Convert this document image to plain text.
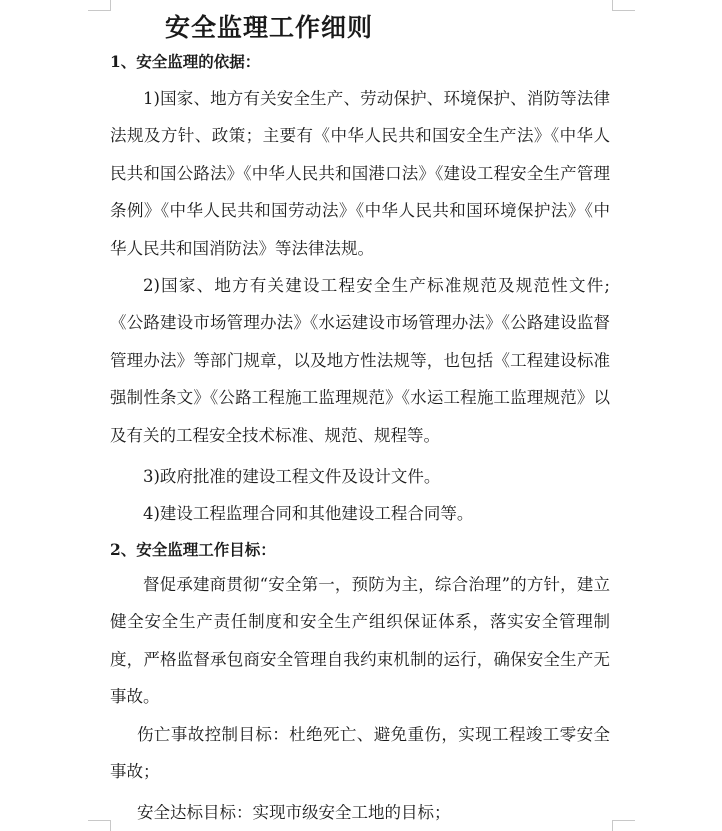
安全监理工作细则
1、安全监理的依据：
1)国家、地方有关安全生产、劳动保护、环境保护、消防等法律法规及方针、政策；主要有《中华人民共和国安全生产法》《中华人民共和国公路法》《中华人民共和国港口法》《建设工程安全生产管理条例》《中华人民共和国劳动法》《中华人民共和国环境保护法》《中华人民共和国消防法》等法律法规。
2)国家、地方有关建设工程安全生产标准规范及规范性文件;《公路建设市场管理办法》《水运建设市场管理办法》《公路建设监督管理办法》等部门规章，以及地方性法规等，也包括《工程建设标准强制性条文》《公路工程施工监理规范》《水运工程施工监理规范》以及有关的工程安全技术标准、规范、规程等。
3)政府批准的建设工程文件及设计文件。
4)建设工程监理合同和其他建设工程合同等。
2、安全监理工作目标：
督促承建商贯彻“安全第一，预防为主，综合治理”的方针，建立健全安全生产责任制度和安全生产组织保证体系，落实安全管理制度，严格监督承包商安全管理自我约束机制的运行，确保安全生产无事故。
伤亡事故控制目标：杜绝死亡、避免重伤，实现工程竣工零安全事故；
安全达标目标：实现市级安全工地的目标；
